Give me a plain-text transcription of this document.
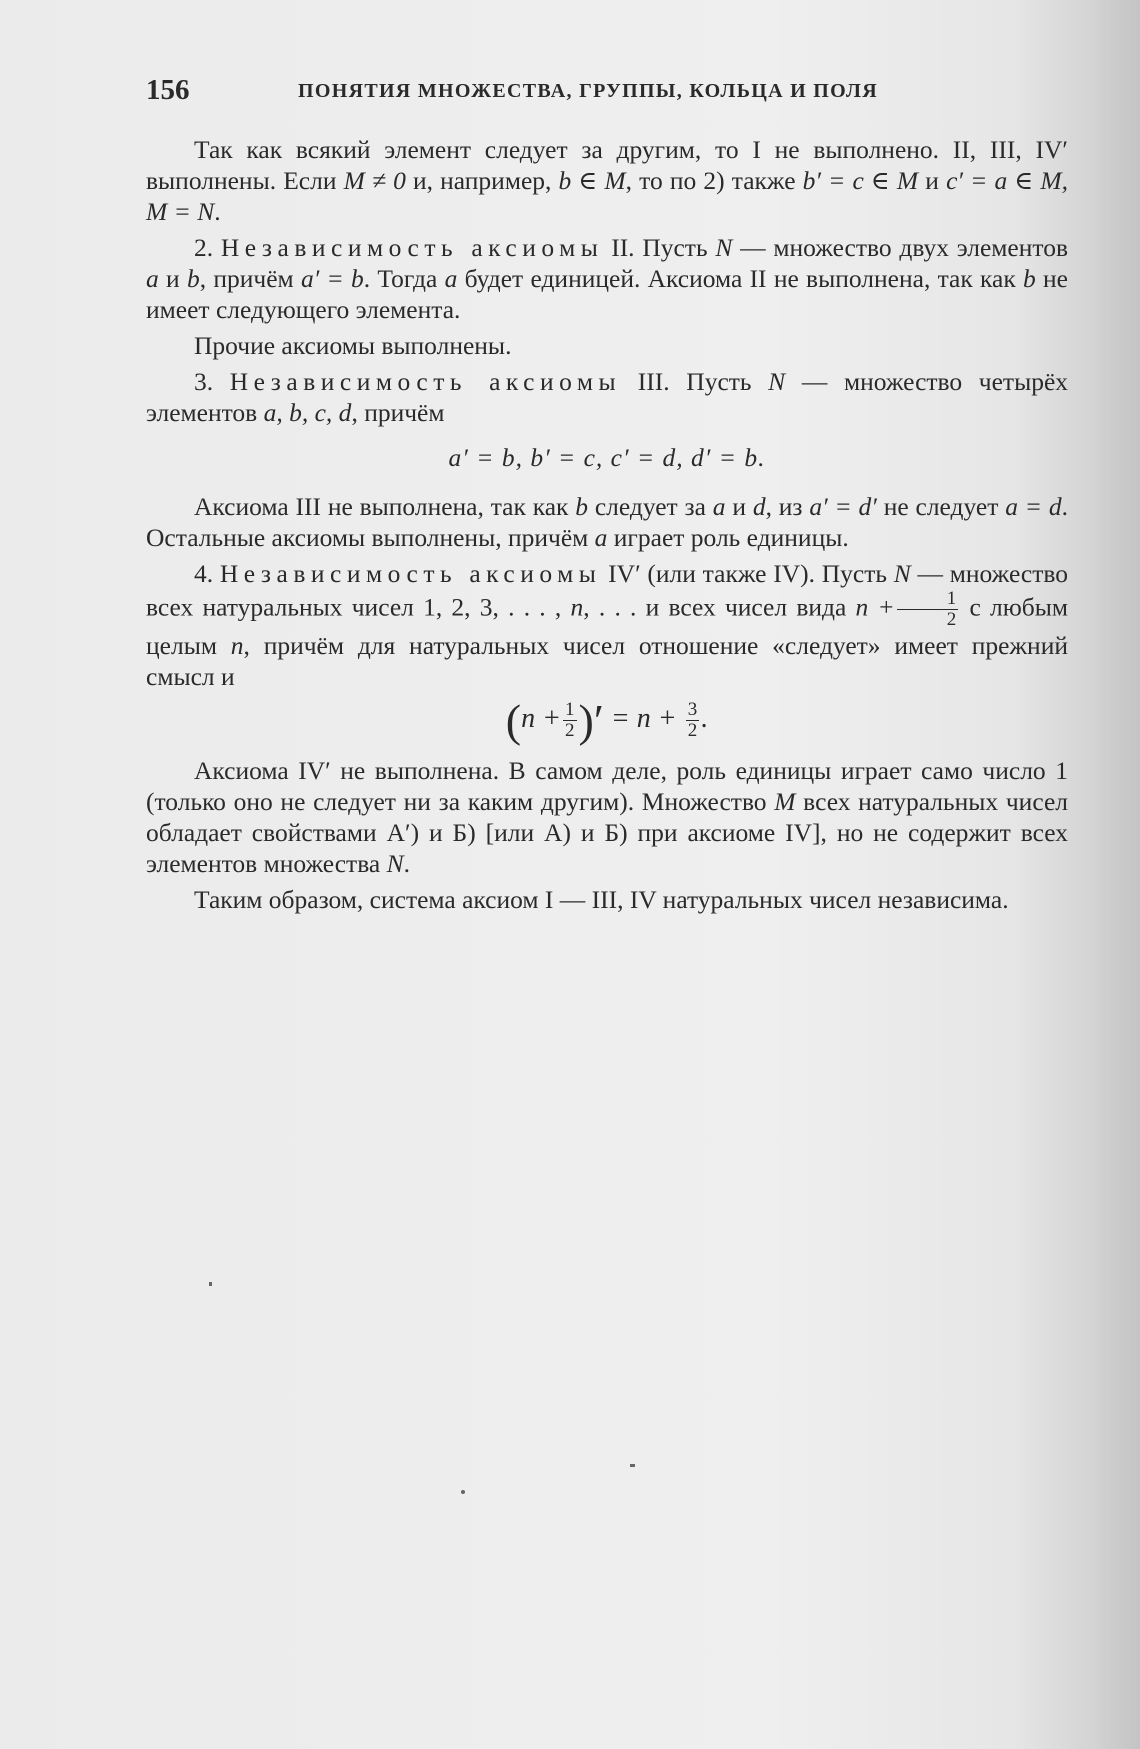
156	ПОНЯТИЯ МНОЖЕСТВА, ГРУППЫ, КОЛЬЦА И ПОЛЯ

Так как всякий элемент следует за другим, то I не выполнено. II, III, IV′ выполнены. Если M ≠ 0 и, например, b ∈ M, то по 2) также b′ = c ∈ M и c′ = a ∈ M, M = N.

2. Независимость аксиомы II. Пусть N — множество двух элементов a и b, причём a′ = b. Тогда a будет единицей. Аксиома II не выполнена, так как b не имеет следующего элемента.

Прочие аксиомы выполнены.

3. Независимость аксиомы III. Пусть N — множество четырёх элементов a, b, c, d, причём

a′ = b, b′ = c, c′ = d, d′ = b.

Аксиома III не выполнена, так как b следует за a и d, из a′ = d′ не следует a = d. Остальные аксиомы выполнены, причём a играет роль единицы.

4. Независимость аксиомы IV′ (или также IV). Пусть N — множество всех натуральных чисел 1, 2, 3, . . . , n, . . . и всех чисел вида $n + \frac{1}{2}$ с любым целым n, причём для натуральных чисел отношение «следует» имеет прежний смысл и

($n + \frac{1}{2}$ )′ = $n + \frac{3}{2}$ .

Аксиома IV′ не выполнена. В самом деле, роль единицы играет само число 1 (только оно не следует ни за каким другим). Множество M всех натуральных чисел обладает свойствами А′) и Б) [или А) и Б) при аксиоме IV], но не содержит всех элементов множества N.

Таким образом, система аксиом I — III, IV натуральных чисел независима.
